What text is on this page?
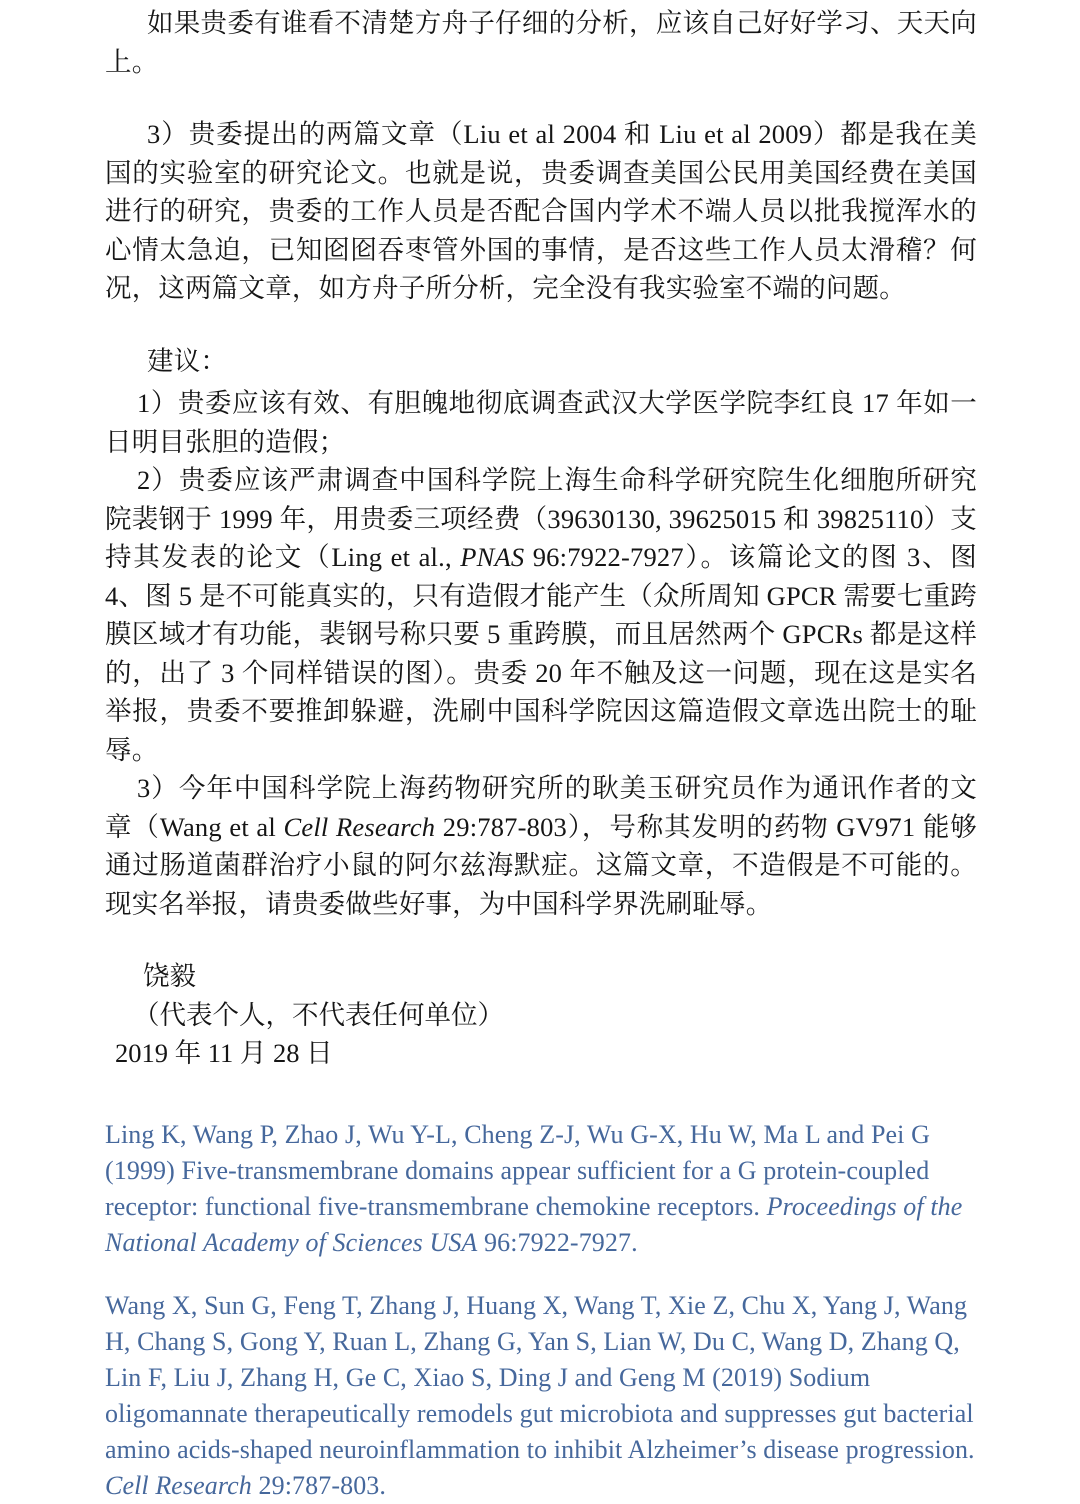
如果贵委有谁看不清楚方舟子仔细的分析，应该自己好好学习、天天向上。

3）贵委提出的两篇文章（Liu et al 2004 和 Liu et al 2009）都是我在美国的实验室的研究论文。也就是说，贵委调查美国公民用美国经费在美国进行的研究，贵委的工作人员是否配合国内学术不端人员以批我搅浑水的心情太急迫，已知囵囵吞枣管外国的事情，是否这些工作人员太滑稽？何况，这两篇文章，如方舟子所分析，完全没有我实验室不端的问题。

建议：

1）贵委应该有效、有胆魄地彻底调查武汉大学医学院李红良 17 年如一日明目张胆的造假；

2）贵委应该严肃调查中国科学院上海生命科学研究院生化细胞所研究院裴钢于 1999 年，用贵委三项经费（39630130, 39625015 和 39825110）支持其发表的论文（Ling et al., PNAS 96:7922-7927）。该篇论文的图 3、图 4、图 5 是不可能真实的，只有造假才能产生（众所周知 GPCR 需要七重跨膜区域才有功能，裴钢号称只要 5 重跨膜，而且居然两个 GPCRs 都是这样的，出了 3 个同样错误的图）。贵委 20 年不触及这一问题，现在这是实名举报，贵委不要推卸躲避，洗刷中国科学院因这篇造假文章选出院士的耻辱。

3）今年中国科学院上海药物研究所的耿美玉研究员作为通讯作者的文章（Wang et al Cell Research 29:787-803），号称其发明的药物 GV971 能够通过肠道菌群治疗小鼠的阿尔兹海默症。这篇文章，不造假是不可能的。现实名举报，请贵委做些好事，为中国科学界洗刷耻辱。

饶毅

（代表个人，不代表任何单位）

2019 年 11 月 28 日

Ling K, Wang P, Zhao J, Wu Y-L, Cheng Z-J, Wu G-X, Hu W, Ma L and Pei G (1999) Five-transmembrane domains appear sufficient for a G protein-coupled receptor: functional five-transmembrane chemokine receptors. Proceedings of the National Academy of Sciences USA 96:7922-7927.

Wang X, Sun G, Feng T, Zhang J, Huang X, Wang T, Xie Z, Chu X, Yang J, Wang H, Chang S, Gong Y, Ruan L, Zhang G, Yan S, Lian W, Du C, Wang D, Zhang Q, Lin F, Liu J, Zhang H, Ge C, Xiao S, Ding J and Geng M (2019) Sodium oligomannate therapeutically remodels gut microbiota and suppresses gut bacterial amino acids-shaped neuroinflammation to inhibit Alzheimer’s disease progression. Cell Research 29:787-803.
